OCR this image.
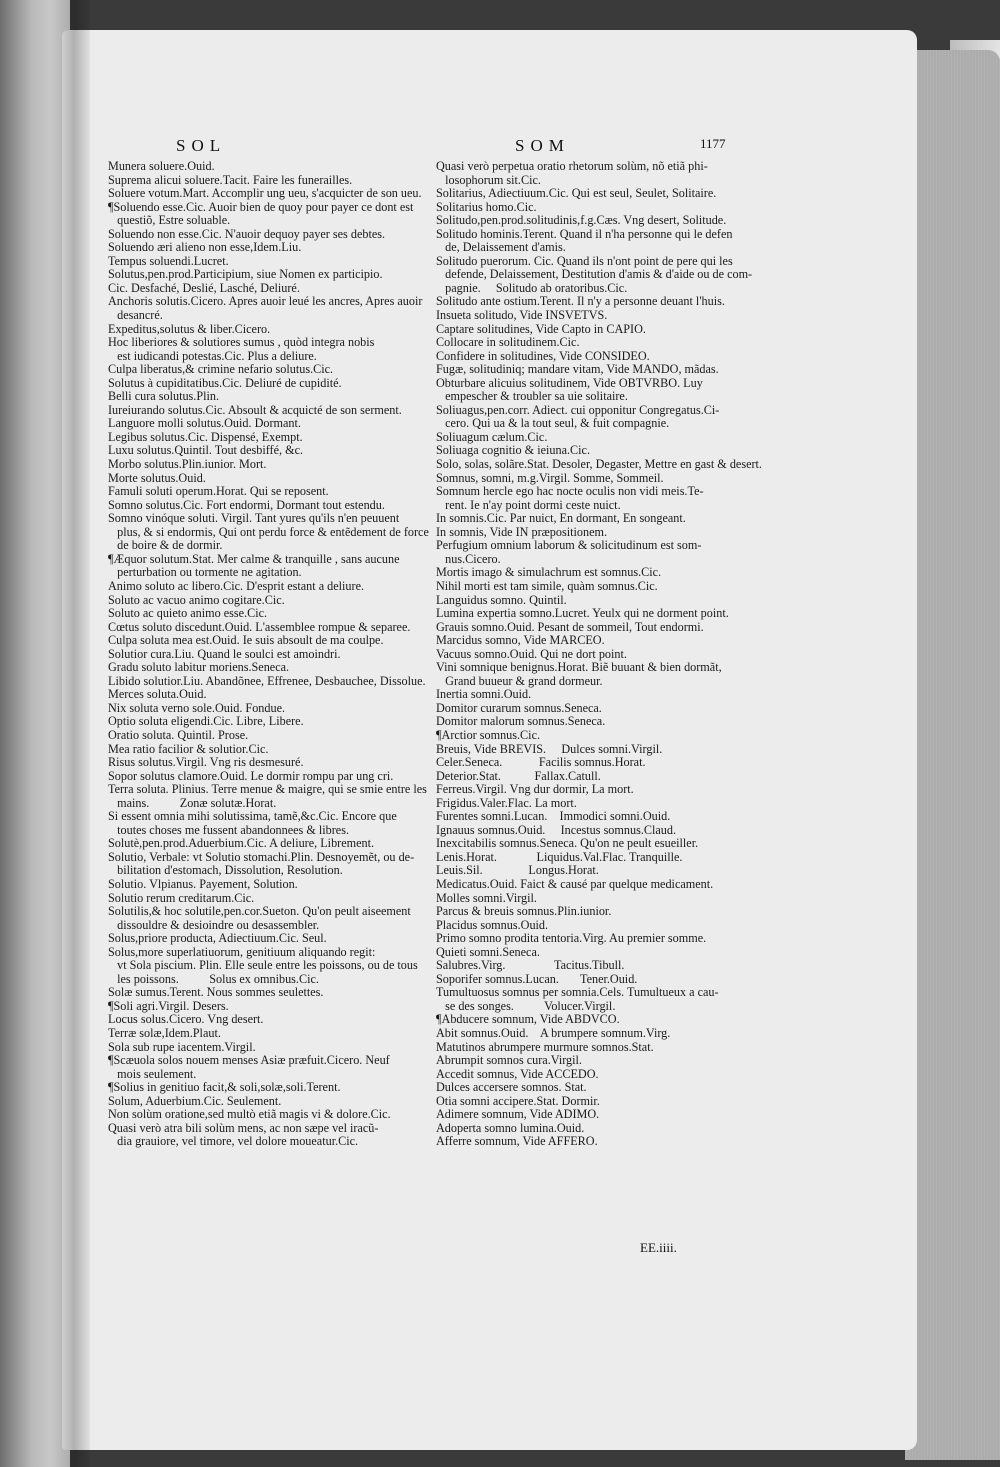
SOL	SOM	1177
Munera soluere.Ouid.
Suprema alicui soluere.Tacit. Faire les funerailles.
Soluere votum.Mart. Accomplir ung ueu, s'acquicter de son ueu.
¶Soluendo esse.Cic. Auoir bien de quoy pour payer ce dont est
questiõ, Estre soluable.
Soluendo non esse.Cic. N'auoir dequoy payer ses debtes.
Soluendo æri alieno non esse,Idem.Liu.
Tempus soluendi.Lucret.
Solutus,pen.prod.Participium, siue Nomen ex participio.
Cic. Desfaché, Deslié, Lasché, Deliuré.
Anchoris solutis.Cicero. Apres auoir leué les ancres, Apres auoir
desancré.
Expeditus,solutus & liber.Cicero.
Hoc liberiores & solutiores sumus , quòd integra nobis
est iudicandi potestas.Cic. Plus a deliure.
Culpa liberatus,& crimine nefario solutus.Cic.
Solutus à cupiditatibus.Cic. Deliuré de cupidité.
Belli cura solutus.Plin.
Iureiurando solutus.Cic. Absoult & acquicté de son serment.
Languore molli solutus.Ouid. Dormant.
Legibus solutus.Cic. Dispensé, Exempt.
Luxu solutus.Quintil. Tout desbiffé, &c.
Morbo solutus.Plin.iunior. Mort.
Morte solutus.Ouid.
Famuli soluti operum.Horat. Qui se reposent.
Somno solutus.Cic. Fort endormi, Dormant tout estendu.
Somno vinóque soluti. Virgil. Tant yures qu'ils n'en peuuent
plus, & si endormis, Qui ont perdu force & entẽdement de force
de boire & de dormir.
¶Æquor solutum.Stat. Mer calme & tranquille , sans aucune
perturbation ou tormente ne agitation.
Animo soluto ac libero.Cic. D'esprit estant a deliure.
Soluto ac vacuo animo cogitare.Cic.
Soluto ac quieto animo esse.Cic.
Cœtus soluto discedunt.Ouid. L'assemblee rompue & separee.
Culpa soluta mea est.Ouid. Ie suis absoult de ma coulpe.
Solutior cura.Liu. Quand le soulci est amoindri.
Gradu soluto labitur moriens.Seneca.
Libido solutior.Liu. Abandõnee, Effrenee, Desbauchee, Dissolue.
Merces soluta.Ouid.
Nix soluta verno sole.Ouid. Fondue.
Optio soluta eligendi.Cic. Libre, Libere.
Oratio soluta. Quintil. Prose.
Mea ratio facilior & solutior.Cic.
Risus solutus.Virgil. Vng ris desmesuré.
Sopor solutus clamore.Ouid. Le dormir rompu par ung cri.
Terra soluta. Plinius. Terre menue & maigre, qui se smie entre les
mains.          Zonæ solutæ.Horat.
Si essent omnia mihi solutissima, tamẽ,&c.Cic. Encore que
toutes choses me fussent abandonnees & libres.
Solutè,pen.prod.Aduerbium.Cic. A deliure, Librement.
Solutio, Verbale: vt Solutio stomachi.Plin. Desnoyemẽt, ou de-
bilitation d'estomach, Dissolution, Resolution.
Solutio. Vlpianus. Payement, Solution.
Solutio rerum creditarum.Cic.
Solutilis,& hoc solutile,pen.cor.Sueton. Qu'on peult aiseement
dissouldre & desioindre ou desassembler.
Solus,priore producta, Adiectiuum.Cic. Seul.
Solus,more superlatiuorum, genitiuum aliquando regit:
vt Sola piscium. Plin. Elle seule entre les poissons, ou de tous
les poissons.          Solus ex omnibus.Cic.
Solæ sumus.Terent. Nous sommes seulettes.
¶Soli agri.Virgil. Desers.
Locus solus.Cicero. Vng desert.
Terræ solæ,Idem.Plaut.
Sola sub rupe iacentem.Virgil.
¶Scæuola solos nouem menses Asiæ præfuit.Cicero. Neuf
mois seulement.
¶Solius in genitiuo facit,& soli,solæ,soli.Terent.
Solum, Aduerbium.Cic. Seulement.
Non solùm oratione,sed multò etiã magis vi & dolore.Cic.
Quasi verò atra bili solùm mens, ac non sæpe vel iracũ-
dia grauiore, vel timore, vel dolore moueatur.Cic.
Quasi verò perpetua oratio rhetorum solùm, nõ etiã phi-
losophorum sit.Cic.
Solitarius, Adiectiuum.Cic. Qui est seul, Seulet, Solitaire.
Solitarius homo.Cic.
Solitudo,pen.prod.solitudinis,f.g.Cæs. Vng desert, Solitude.
Solitudo hominis.Terent. Quand il n'ha personne qui le defen
de, Delaissement d'amis.
Solitudo puerorum. Cic. Quand ils n'ont point de pere qui les
defende, Delaissement, Destitution d'amis & d'aide ou de com-
pagnie.     Solitudo ab oratoribus.Cic.
Solitudo ante ostium.Terent. Il n'y a personne deuant l'huis.
Insueta solitudo, Vide INSVETVS.
Captare solitudines, Vide Capto in CAPIO.
Collocare in solitudinem.Cic.
Confidere in solitudines, Vide CONSIDEO.
Fugæ, solitudiniq; mandare vitam, Vide MANDO, mãdas.
Obturbare alicuius solitudinem, Vide OBTVRBO. Luy
empescher & troubler sa uie solitaire.
Soliuagus,pen.corr. Adiect. cui opponitur Congregatus.Ci-
cero. Qui ua & la tout seul, & fuit compagnie.
Soliuagum cælum.Cic.
Soliuaga cognitio & ieiuna.Cic.
Solo, solas, solãre.Stat. Desoler, Degaster, Mettre en gast & desert.
Somnus, somni, m.g.Virgil. Somme, Sommeil.
Somnum hercle ego hac nocte oculis non vidi meis.Te-
rent. Ie n'ay point dormi ceste nuict.
In somnis.Cic. Par nuict, En dormant, En songeant.
In somnis, Vide IN præpositionem.
Perfugium omnium laborum & solicitudinum est som-
nus.Cicero.
Mortis imago & simulachrum est somnus.Cic.
Nihil morti est tam simile, quàm somnus.Cic.
Languidus somno. Quintil.
Lumina expertia somno.Lucret. Yeulx qui ne dorment point.
Grauis somno.Ouid. Pesant de sommeil, Tout endormi.
Marcidus somno, Vide MARCEO.
Vacuus somno.Ouid. Qui ne dort point.
Vini somnique benignus.Horat. Biẽ buuant & bien dormãt,
Grand buueur & grand dormeur.
Inertia somni.Ouid.
Domitor curarum somnus.Seneca.
Domitor malorum somnus.Seneca.
¶Arctior somnus.Cic.
Breuis, Vide BREVIS.     Dulces somni.Virgil.
Celer.Seneca.            Facilis somnus.Horat.
Deterior.Stat.           Fallax.Catull.
Ferreus.Virgil. Vng dur dormir, La mort.
Frigidus.Valer.Flac. La mort.
Furentes somni.Lucan.    Immodici somni.Ouid.
Ignauus somnus.Ouid.     Incestus somnus.Claud.
Inexcitabilis somnus.Seneca. Qu'on ne peult esueiller.
Lenis.Horat.             Liquidus.Val.Flac. Tranquille.
Leuis.Sil.               Longus.Horat.
Medicatus.Ouid. Faict & causé par quelque medicament.
Molles somni.Virgil.
Parcus & breuis somnus.Plin.iunior.
Placidus somnus.Ouid.
Primo somno prodita tentoria.Virg. Au premier somme.
Quieti somni.Seneca.
Salubres.Virg.                Tacitus.Tibull.
Soporifer somnus.Lucan.       Tener.Ouid.
Tumultuosus somnus per somnia.Cels. Tumultueux a cau-
se des songes.          Volucer.Virgil.
¶Abducere somnum, Vide ABDVCO.
Abit somnus.Ouid.    A brumpere somnum.Virg.
Matutinos abrumpere murmure somnos.Stat.
Abrumpit somnos cura.Virgil.
Accedit somnus, Vide ACCEDO.
Dulces accersere somnos. Stat.
Otia somni accipere.Stat. Dormir.
Adimere somnum, Vide ADIMO.
Adoperta somno lumina.Ouid.
Afferre somnum, Vide AFFERO.
EE.iiii.
